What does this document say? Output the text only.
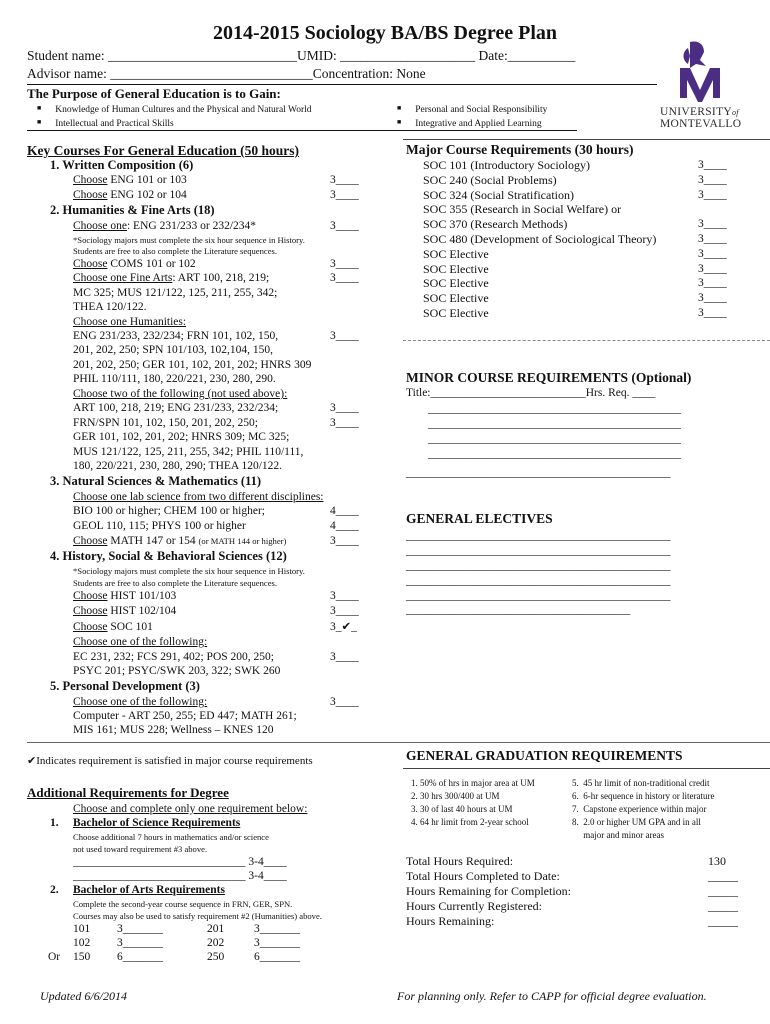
2014-2015 Sociology BA/BS Degree Plan
Student name: ____________________________UMID: ____________________ Date:__________
Advisor name: ______________________________Concentration: None
The Purpose of General Education is to Gain:
■ Knowledge of Human Cultures and the Physical and Natural World
■ Intellectual and Practical Skills
■ Personal and Social Responsibility
■ Integrative and Applied Learning
UNIVERSITYof
MONTEVALLO
Key Courses For General Education (50 hours)
1. Written Composition (6)
Choose ENG 101 or 103	3____
Choose ENG 102 or 104	3____
2. Humanities & Fine Arts (18)
Choose one: ENG 231/233 or 232/234*	3____
*Sociology majors must complete the six hour sequence in History.
Students are free to also complete the Literature sequences.
Choose COMS 101 or 102	3____
Choose one Fine Arts: ART 100, 218, 219;	3____
MC 325; MUS 121/122, 125, 211, 255, 342;
THEA 120/122.
Choose one Humanities:
ENG 231/233, 232/234; FRN 101, 102, 150,	3____
201, 202, 250; SPN 101/103, 102,104, 150,
201, 202, 250; GER 101, 102, 201, 202; HNRS 309
PHIL 110/111, 180, 220/221, 230, 280, 290.
Choose two of the following (not used above):
ART 100, 218, 219; ENG 231/233, 232/234;	3____
FRN/SPN 101, 102, 150, 201, 202, 250;	3____
GER 101, 102, 201, 202; HNRS 309; MC 325;
MUS 121/122, 125, 211, 255, 342; PHIL 110/111,
180, 220/221, 230, 280, 290; THEA 120/122.
3. Natural Sciences & Mathematics (11)
Choose one lab science from two different disciplines:
BIO 100 or higher; CHEM 100 or higher;	4____
GEOL 110, 115; PHYS 100 or higher	4____
Choose MATH 147 or 154 (or MATH 144 or higher)	3____
4. History, Social & Behavioral Sciences (12)
*Sociology majors must complete the six hour sequence in History.
Students are free to also complete the Literature sequences.
Choose HIST 101/103	3____
Choose HIST 102/104	3____
Choose SOC 101	3_✔_
Choose one of the following:
EC 231, 232; FCS 291, 402; POS 200, 250;	3____
PSYC 201; PSYC/SWK 203, 322; SWK 260
5. Personal Development (3)
Choose one of the following:	3____
Computer - ART 250, 255; ED 447; MATH 261;
MIS 161; MUS 228; Wellness – KNES 120
✔Indicates requirement is satisfied in major course requirements
Major Course Requirements (30 hours)
SOC 101 (Introductory Sociology)	3____
SOC 240 (Social Problems)	3____
SOC 324 (Social Stratification)	3____
SOC 355 (Research in Social Welfare) or
SOC 370 (Research Methods)	3____
SOC 480 (Development of Sociological Theory)	3____
SOC Elective	3____
SOC Elective	3____
SOC Elective	3____
SOC Elective	3____
SOC Elective	3____
MINOR COURSE REQUIREMENTS (Optional)
Title:___________________________Hrs. Req. ____
____________________________________________
____________________________________________
____________________________________________
____________________________________________
______________________________________________
GENERAL ELECTIVES
______________________________________________
______________________________________________
______________________________________________
______________________________________________
______________________________________________
_______________________________________
GENERAL GRADUATION REQUIREMENTS
1. 50% of hrs in major area at UM
2. 30 hrs 300/400 at UM
3. 30 of last 40 hours at UM
4. 64 hr limit from 2-year school
5.  45 hr limit of non-traditional credit
6.  6-hr sequence in history or literature
7.  Capstone experience within major
8.  2.0 or higher UM GPA and in all
major and minor areas
Total Hours Required:	130
Total Hours Completed to Date:	_____
Hours Remaining for Completion:	_____
Hours Currently Registered:	_____
Hours Remaining:	_____
Additional Requirements for Degree
Choose and complete only one requirement below:
1. Bachelor of Science Requirements
Choose additional 7 hours in mathematics and/or science
not used toward requirement #3 above.
______________________________ 3-4____
______________________________ 3-4____
2. Bachelor of Arts Requirements
Complete the second-year course sequence in FRN, GER, SPN.
Courses may also be used to satisfy requirement #2 (Humanities) above.
101 3_______	201	3_______
102 3_______	202	3_______
Or 150 6_______	250	6_______
Updated 6/6/2014	For planning only. Refer to CAPP for official degree evaluation.
